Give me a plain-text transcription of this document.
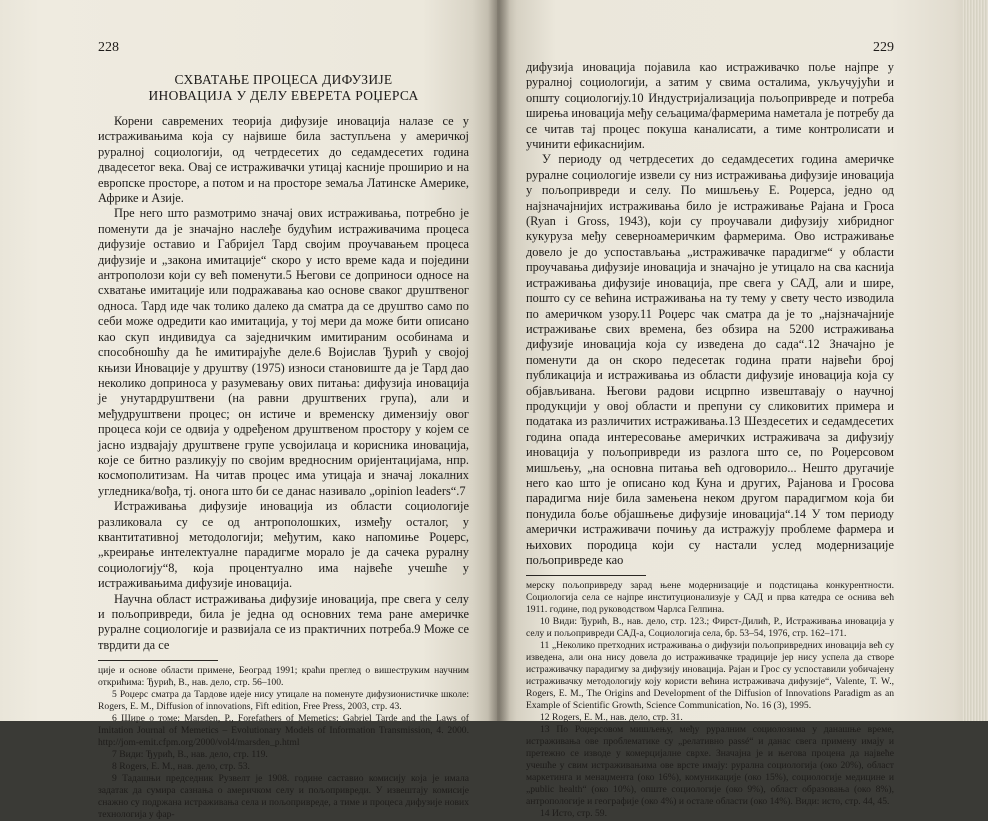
228
СХВАТАЊЕ ПРОЦЕСА ДИФУЗИЈЕ
ИНОВАЦИЈА У ДЕЛУ ЕВЕРЕТА РОЏЕРСА

Корени савремених теорија дифузије иновација налазе се у истраживањима која су највише била заступљена у америчкој руралној социологији, од четрдесетих до седамдесетих година двадесетог века. Овај се истраживачки утицај касније проширио и на европске просторе, а потом и на просторе земаља Латинске Америке, Африке и Азије.

Пре него што размотримо значај ових истраживања, потребно је поменути да је значајно наслеђе будућим истраживачима процеса дифузије оставио и Габријел Тард својим проучавањем процеса дифузије и „закона имитације“ скоро у исто време када и поједини антрополози који су већ поменути.5 Његови се доприноси односе на схватање имитације или подражавања као основе сваког друштвеног односа. Тард иде чак толико далеко да сматра да се друштво само по себи може одредити као имитација, у тој мери да може бити описано као скуп индивидуа са заједничким имитираним особинама и способношћу да ће имитирајуће деле.6 Војислав Ђурић у својој књизи Иновације у друштву (1975) износи становиште да је Тард дао неколико доприноса у разумевању ових питања: дифузија иновација је унутардруштвени (на равни друштвених група), али и међудруштвени процес; он истиче и временску димензију овог процеса који се одвија у одређеном друштвеном простору у којем се јасно издвајају друштвене групе усвојилаца и корисника иновација, које се битно разликују по својим вредносним оријентацијама, нпр. космополитизам. На читав процес има утицаја и значај локалних угледника/вођа, тј. онога што би се данас називало „opinion leaders“.7

Истраживања дифузије иновација из области социологије разликовала су се од антрополошких, између осталог, у квантитативној методологији; међутим, како напомиње Роџерс, „креирање интелектуалне парадигме морало је да сачека руралну социологију“8, која процентуално има највеће учешће у истраживањима дифузије иновација.

Научна област истраживања дифузије иновација, пре свега у селу и пољопривреди, била је једна од основних тема ране америчке руралне социологије и развијала се из практичних потреба.9 Може се тврдити да се

ције и основе области примене, Београд 1991; краћи преглед о вишеструким научним открићима: Ђурић, В., нав. дело, стр. 56–100.

5 Роџерс сматра да Тардове идеје нису утицале на поменуте дифузионистичке школе: Rogers, E. M., Diffusion of innovations, Fift edition, Free Press, 2003, стр. 43.

6 Шире о томе: Marsden, P., Forefathers of Memetics: Gabriel Tarde and the Laws of Imitation Journal of Memetics – Evolutionary Models of Information Transmission, 4. 2000. http://jom-emit.cfpm.org/2000/vol4/marsden_p.html

7 Види: Ђурић, В., нав. дело, стр. 119.

8 Rogers, E. M., нав. дело, стр. 53.

9 Тадашњи председник Рузвелт је 1908. године саставио комисију која је имала задатак да сумира сазнања о америчком селу и пољопривреди. У извештају комисије снажно су подржана истраживања села и пољопривреде, а тиме и процеса дифузије нових технологија у фар-

229

дифузија иновација појавила као истраживачко поље најпре у руралној социологији, а затим у свима осталима, укључујући и општу социологију.10 Индустријализација пољопривреде и потреба ширења иновација међу сељацима/фармерима наметала је потребу да се читав тај процес покуша каналисати, а тиме контролисати и учинити ефикаснијим.

У периоду од четрдесетих до седамдесетих година америчке руралне социологије извели су низ истраживања дифузије иновација у пољопривреди и селу. По мишљењу Е. Роџерса, једно од најзначајнијих истраживања било је истраживање Рајана и Гроса (Ryan i Gross, 1943), који су проучавали дифузију хибридног кукуруза међу северноамеричким фармерима. Ово истраживање довело је до успостављања „истраживачке парадигме“ у области проучавања дифузије иновација и значајно је утицало на сва каснија истраживања дифузије иновација, пре свега у САД, али и шире, пошто су се већина истраживања на ту тему у свету често изводила по америчком узору.11 Роџерс чак сматра да је то „најзначајније истраживање свих времена, без обзира на 5200 истраживања дифузије иновација која су изведена до сада“.12 Значајно је поменути да он скоро педесетак година прати највећи број публикација и истраживања из области дифузије иновација која су објављивана. Његови радови исцрпно извештавају о научној продукцији у овој области и препуни су сликовитих примера и података из различитих истраживања.13 Шездесетих и седамдесетих година опада интересовање америчких истраживача за дифузију иновација у пољопривреди из разлога што се, по Роџерсовом мишљењу, „на основна питања већ одговорило... Нешто другачије него као што је описано код Куна и других, Рајанова и Гросова парадигма није била замењена неком другом парадигмом која би понудила боље објашњење дифузије иновација“.14 У том периоду амерички истраживачи почињу да истражују проблеме фармера и њихових породица који су настали услед модернизације пољопривреде као

мерску пољопривреду зарад њене модернизације и подстицања конкурентности. Социологија села се најпре институционализује у САД и прва катедра се оснива већ 1911. године, под руководством Чарлса Гелпина.

10 Види: Ђурић, В., нав. дело, стр. 123.; Фирст-Дилић, Р., Истраживања иновација у селу и пољопривреди САД-а, Социологија села, бр. 53–54, 1976, стр. 162–171.

11 „Неколико претходних истраживања о дифузији пољопривредних иновација већ су изведена, али она нису довела до истраживачке традиције јер нису успела да створе истраживачку парадигму за дифузију иновација. Рајан и Грос су успоставили уобичајену истраживачку методологију коју користи већина истраживача дифузије“, Valente, T. W., Rogers, E. M., The Origins and Development of the Diffusion of Innovations Paradigm as an Example of Scientific Growth, Science Communication, No. 16 (3), 1995.

12 Rogers, E. M., нав. дело, стр. 31.

13 По Роџерсовом мишљењу, међу руралним социолозима у данашње време, истраживања ове проблематике су „релативно passé“ и данас свега примену имају и претежно се изводе у комерцијалне сврхе. Значајна је и његова процена да највеће учешће у свим истраживањима ове врсте имају: рурална социологија (око 20%), област маркетинга и менаџмента (око 16%), комуникације (око 15%), социологије медицине и „public health“ (око 10%), опште социологије (око 9%), област образовања (око 8%), антропологије и географије (око 4%) и остале области (око 14%). Види: исто, стр. 44, 45.

14 Исто, стр. 59.
